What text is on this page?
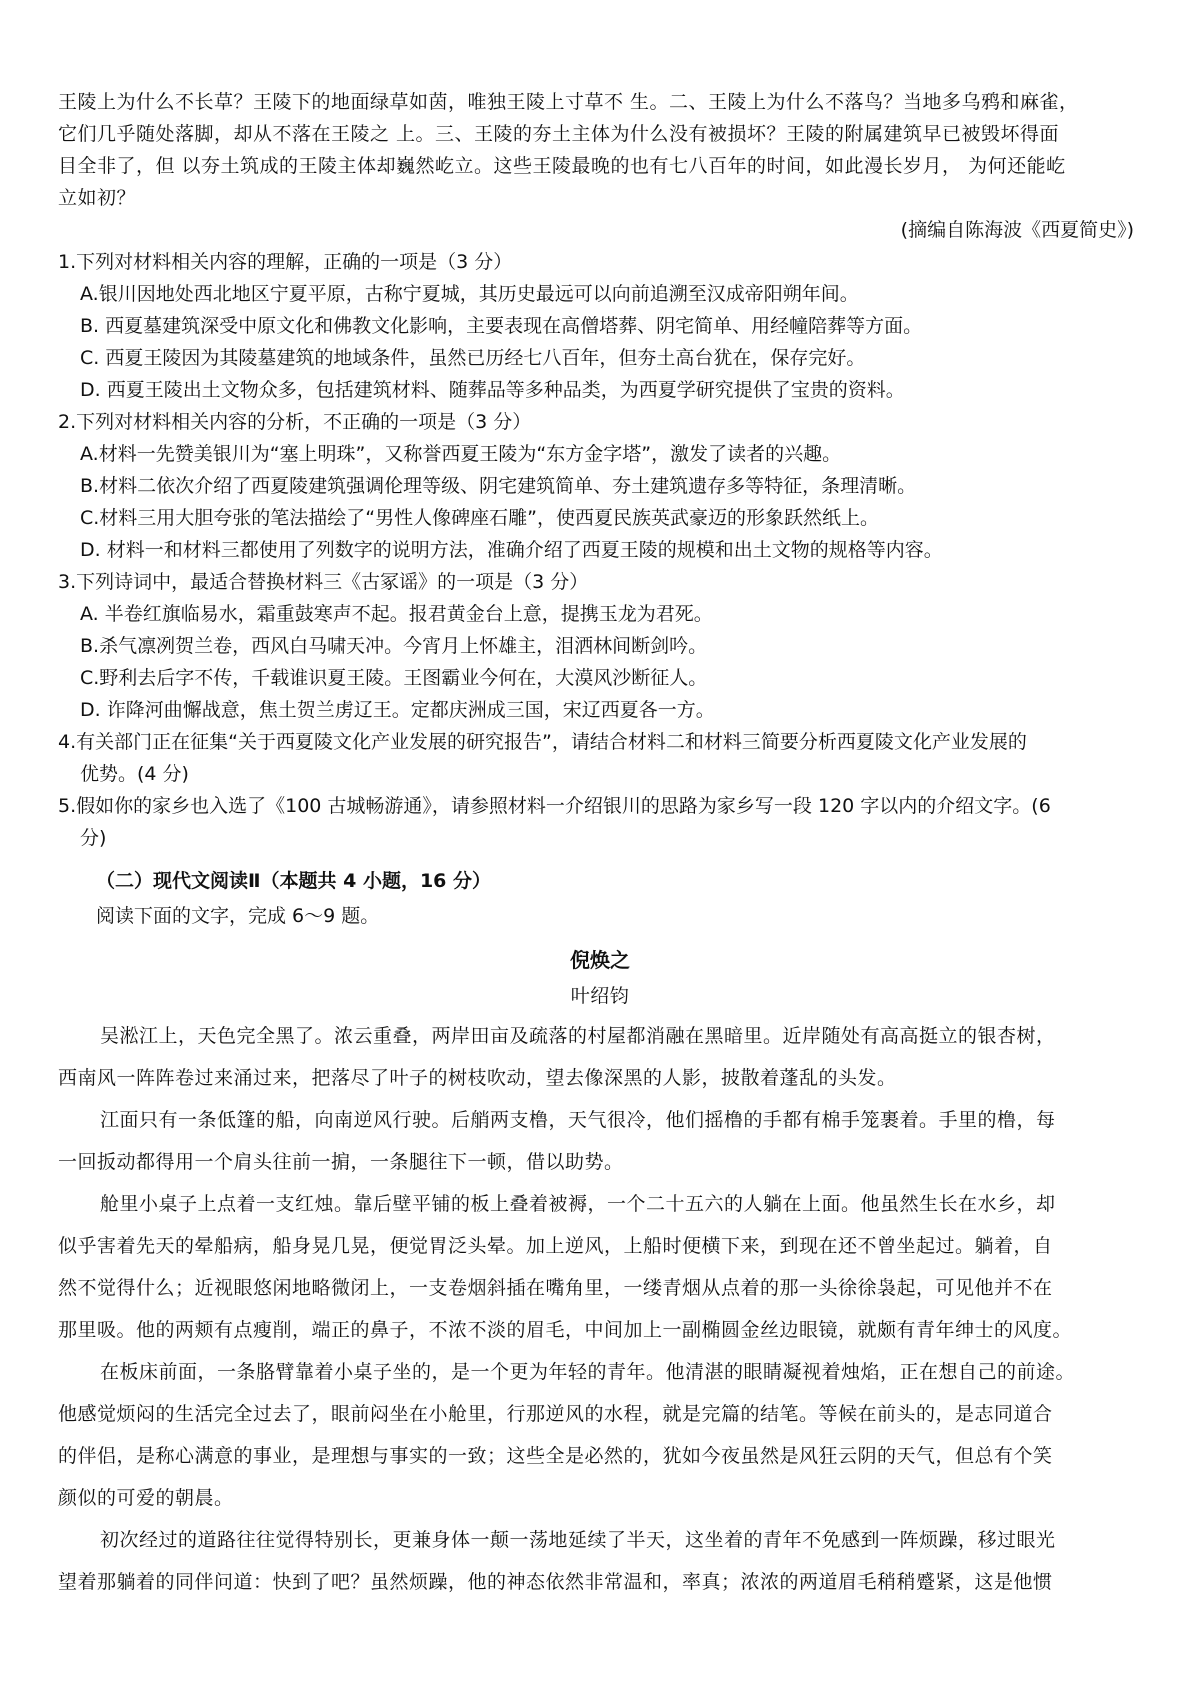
王陵上为什么不长草？王陵下的地面绿草如茵，唯独王陵上寸草不 生。二、王陵上为什么不落鸟？当地多乌鸦和麻雀，
它们几乎随处落脚，却从不落在王陵之 上。三、王陵的夯土主体为什么没有被损坏？王陵的附属建筑早已被毁坏得面
目全非了，但 以夯土筑成的王陵主体却巍然屹立。这些王陵最晚的也有七八百年的时间，如此漫长岁月， 为何还能屹
立如初？
(摘编自陈海波《西夏简史》)
1.下列对材料相关内容的理解，正确的一项是（3 分）
A.银川因地处西北地区宁夏平原，古称宁夏城，其历史最远可以向前追溯至汉成帝阳朔年间。
B. 西夏墓建筑深受中原文化和佛教文化影响，主要表现在高僧塔葬、阴宅简单、用经幢陪葬等方面。
C. 西夏王陵因为其陵墓建筑的地域条件，虽然已历经七八百年，但夯土高台犹在，保存完好。
D. 西夏王陵出土文物众多，包括建筑材料、随葬品等多种品类，为西夏学研究提供了宝贵的资料。
2.下列对材料相关内容的分析，不正确的一项是（3 分）
A.材料一先赞美银川为“塞上明珠”，又称誉西夏王陵为“东方金字塔”，激发了读者的兴趣。
B.材料二依次介绍了西夏陵建筑强调伦理等级、阴宅建筑简单、夯土建筑遗存多等特征，条理清晰。
C.材料三用大胆夸张的笔法描绘了“男性人像碑座石雕”，使西夏民族英武豪迈的形象跃然纸上。
D. 材料一和材料三都使用了列数字的说明方法，准确介绍了西夏王陵的规模和出土文物的规格等内容。
3.下列诗词中，最适合替换材料三《古冢谣》的一项是（3 分）
A. 半卷红旗临易水，霜重鼓寒声不起。报君黄金台上意，提携玉龙为君死。
B.杀气凛冽贺兰卷，西风白马啸天冲。今宵月上怀雄主，泪洒林间断剑吟。
C.野利去后字不传，千载谁识夏王陵。王图霸业今何在，大漠风沙断征人。
D. 诈降河曲懈战意，焦土贺兰虏辽王。定都庆洲成三国，宋辽西夏各一方。
4.有关部门正在征集“关于西夏陵文化产业发展的研究报告”，请结合材料二和材料三简要分析西夏陵文化产业发展的
优势。(4 分)
5.假如你的家乡也入选了《100 古城畅游通》，请参照材料一介绍银川的思路为家乡写一段 120 字以内的介绍文字。(6
分)
（二）现代文阅读Ⅱ（本题共 4 小题，16 分）
阅读下面的文字，完成 6～9 题。
倪焕之
叶绍钧
吴淞江上，天色完全黑了。浓云重叠，两岸田亩及疏落的村屋都消融在黑暗里。近岸随处有高高挺立的银杏树，
西南风一阵阵卷过来涌过来，把落尽了叶子的树枝吹动，望去像深黑的人影，披散着蓬乱的头发。
江面只有一条低篷的船，向南逆风行驶。后艄两支橹，天气很冷，他们摇橹的手都有棉手笼裹着。手里的橹，每
一回扳动都得用一个肩头往前一掮，一条腿往下一顿，借以助势。
舱里小桌子上点着一支红烛。靠后壁平铺的板上叠着被褥，一个二十五六的人躺在上面。他虽然生长在水乡，却
似乎害着先天的晕船病，船身晃几晃，便觉胃泛头晕。加上逆风，上船时便横下来，到现在还不曾坐起过。躺着，自
然不觉得什么；近视眼悠闲地略微闭上，一支卷烟斜插在嘴角里，一缕青烟从点着的那一头徐徐袅起，可见他并不在
那里吸。他的两颊有点瘦削，端正的鼻子，不浓不淡的眉毛，中间加上一副椭圆金丝边眼镜，就颇有青年绅士的风度。
在板床前面，一条胳臂靠着小桌子坐的，是一个更为年轻的青年。他清湛的眼睛凝视着烛焰，正在想自己的前途。
他感觉烦闷的生活完全过去了，眼前闷坐在小舱里，行那逆风的水程，就是完篇的结笔。等候在前头的，是志同道合
的伴侣，是称心满意的事业，是理想与事实的一致；这些全是必然的，犹如今夜虽然是风狂云阴的天气，但总有个笑
颜似的可爱的朝晨。
初次经过的道路往往觉得特别长，更兼身体一颠一荡地延续了半天，这坐着的青年不免感到一阵烦躁，移过眼光
望着那躺着的同伴问道：快到了吧？虽然烦躁，他的神态依然非常温和，率真；浓浓的两道眉毛稍稍蹙紧，这是他惯
